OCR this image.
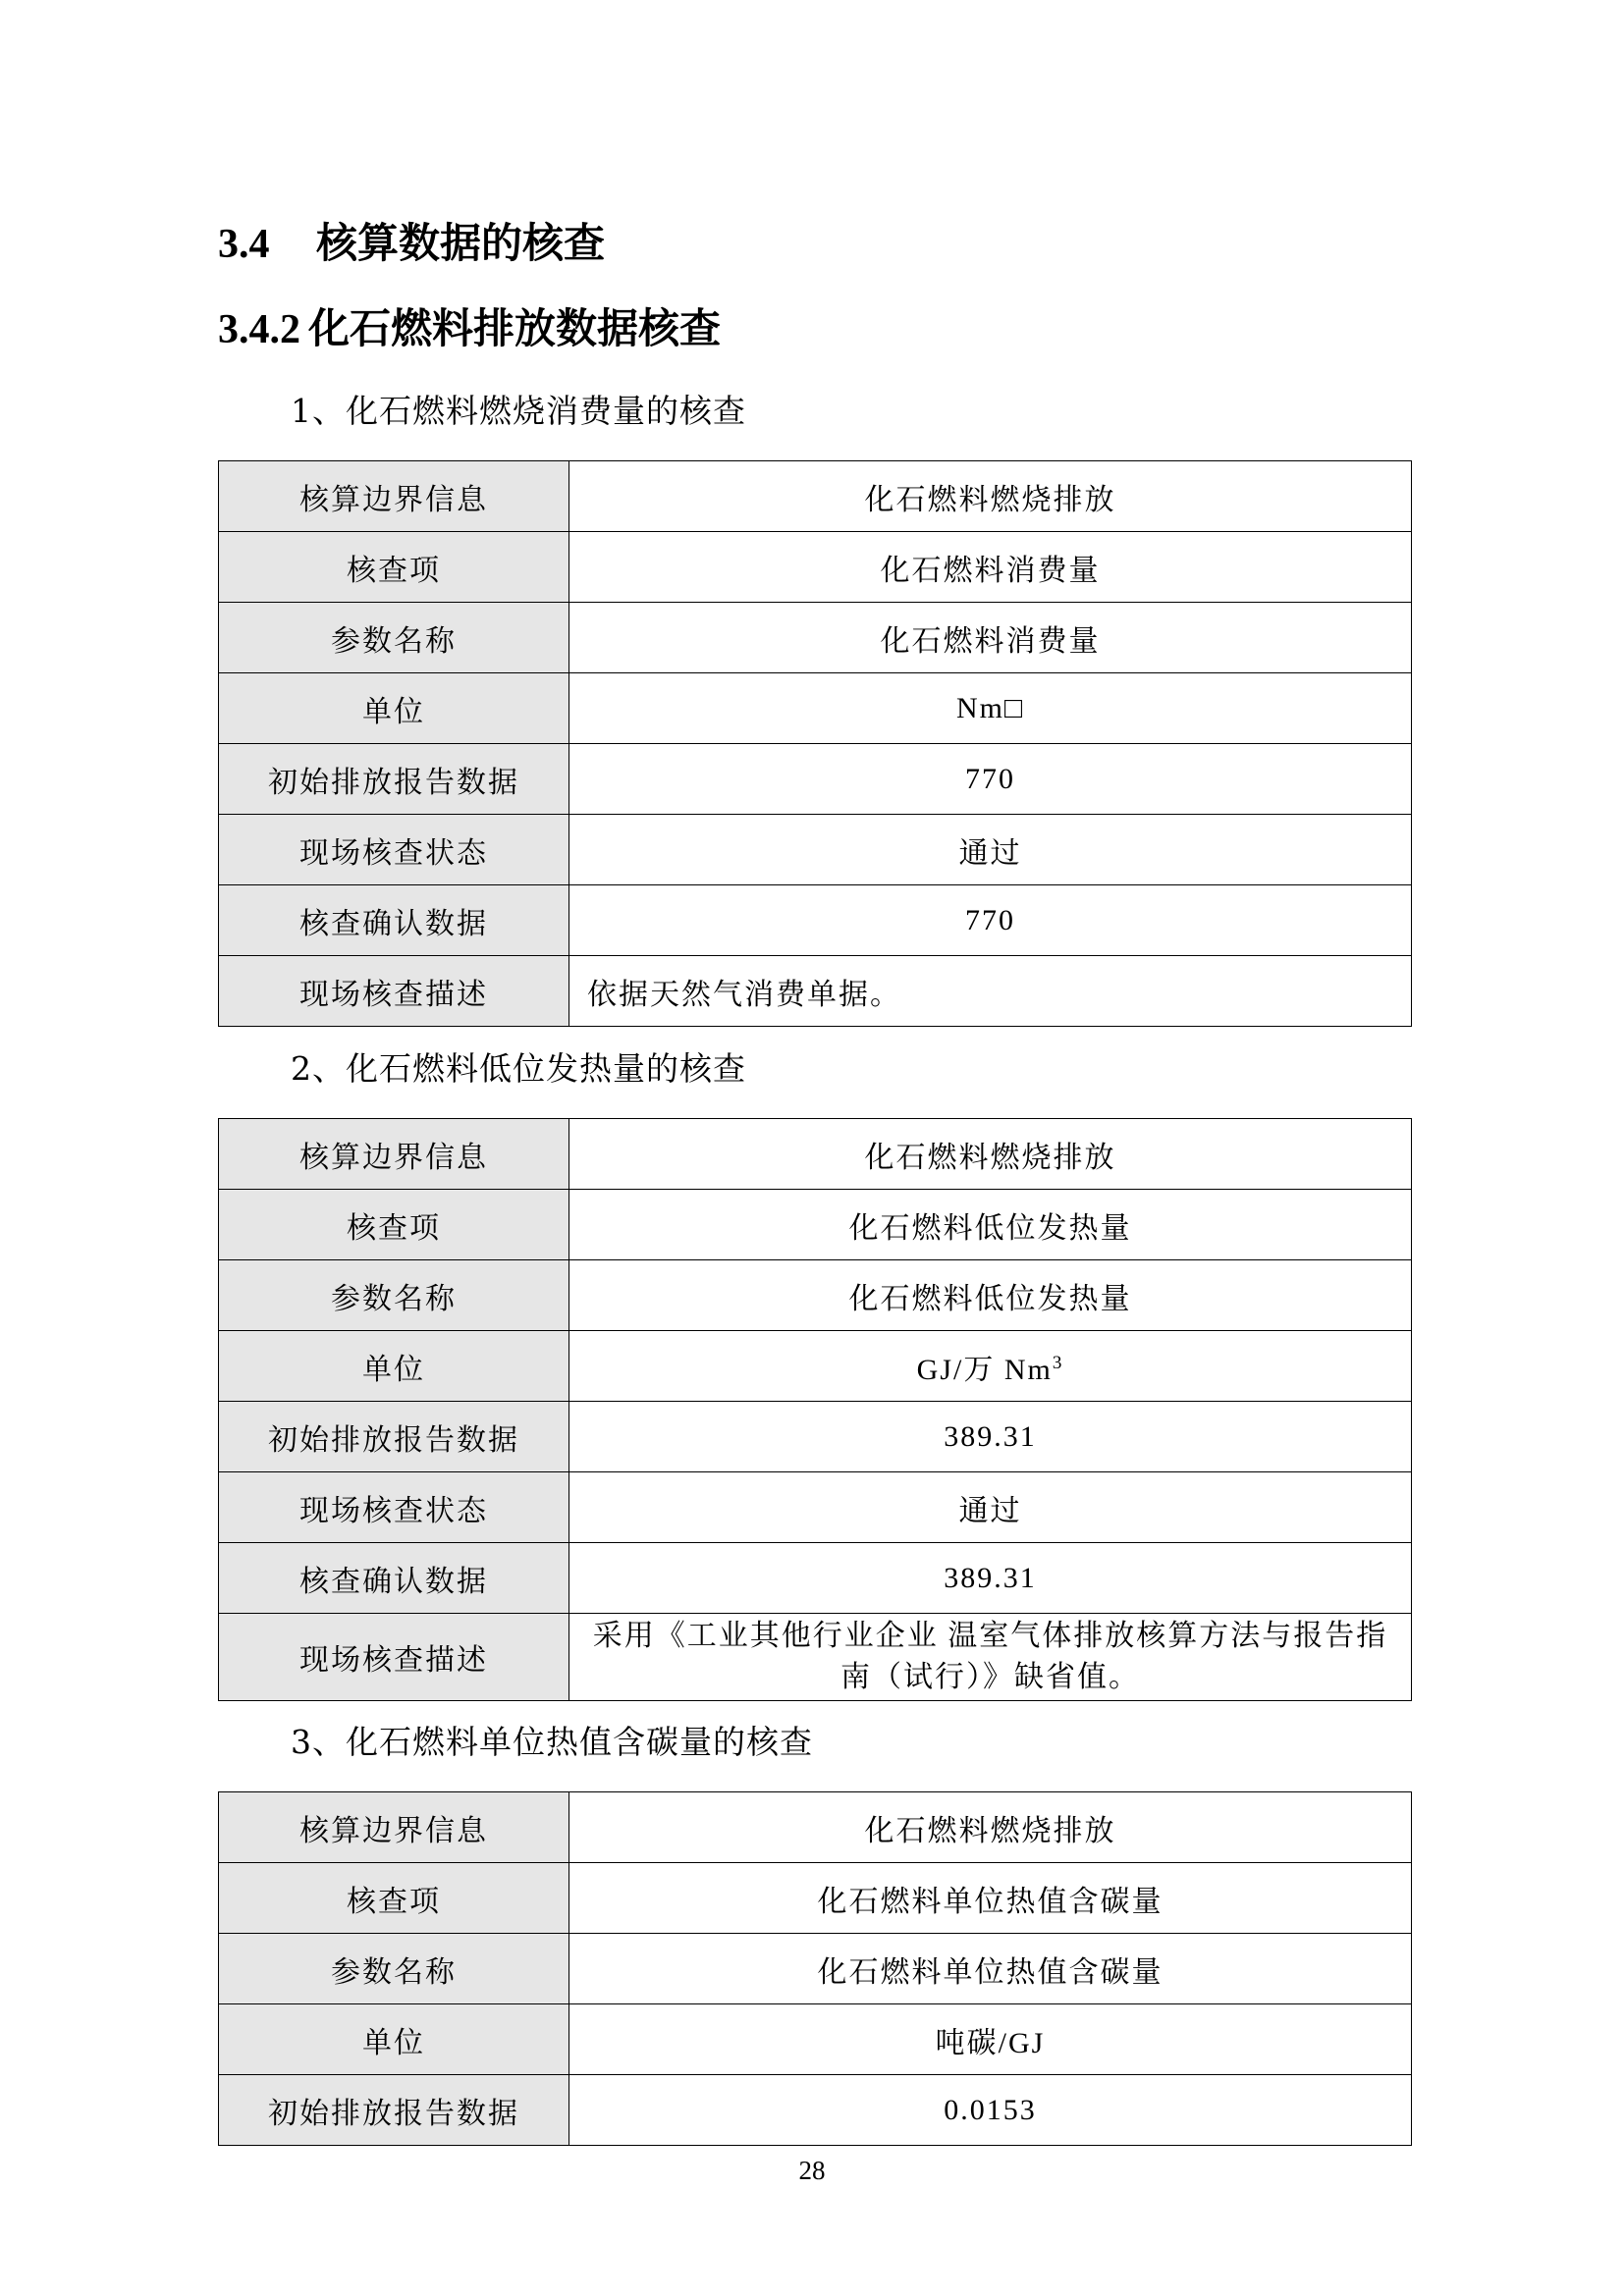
3.4 核算数据的核查
3.4.2 化石燃料排放数据核查

1、化石燃料燃烧消费量的核查

核算边界信息	化石燃料燃烧排放
核查项	化石燃料消费量
参数名称	化石燃料消费量
单位	Nm□
初始排放报告数据	770
现场核查状态	通过
核查确认数据	770
现场核查描述	依据天然气消费单据。

2、化石燃料低位发热量的核查

核算边界信息	化石燃料燃烧排放
核查项	化石燃料低位发热量
参数名称	化石燃料低位发热量
单位	GJ/万 Nm$^3$
初始排放报告数据	389.31
现场核查状态	通过
核查确认数据	389.31
现场核查描述	采用《工业其他行业企业 温室气体排放核算方法与报告指南（试行）》缺省值。

3、化石燃料单位热值含碳量的核查

核算边界信息	化石燃料燃烧排放
核查项	化石燃料单位热值含碳量
参数名称	化石燃料单位热值含碳量
单位	吨碳/GJ
初始排放报告数据	0.0153
28
